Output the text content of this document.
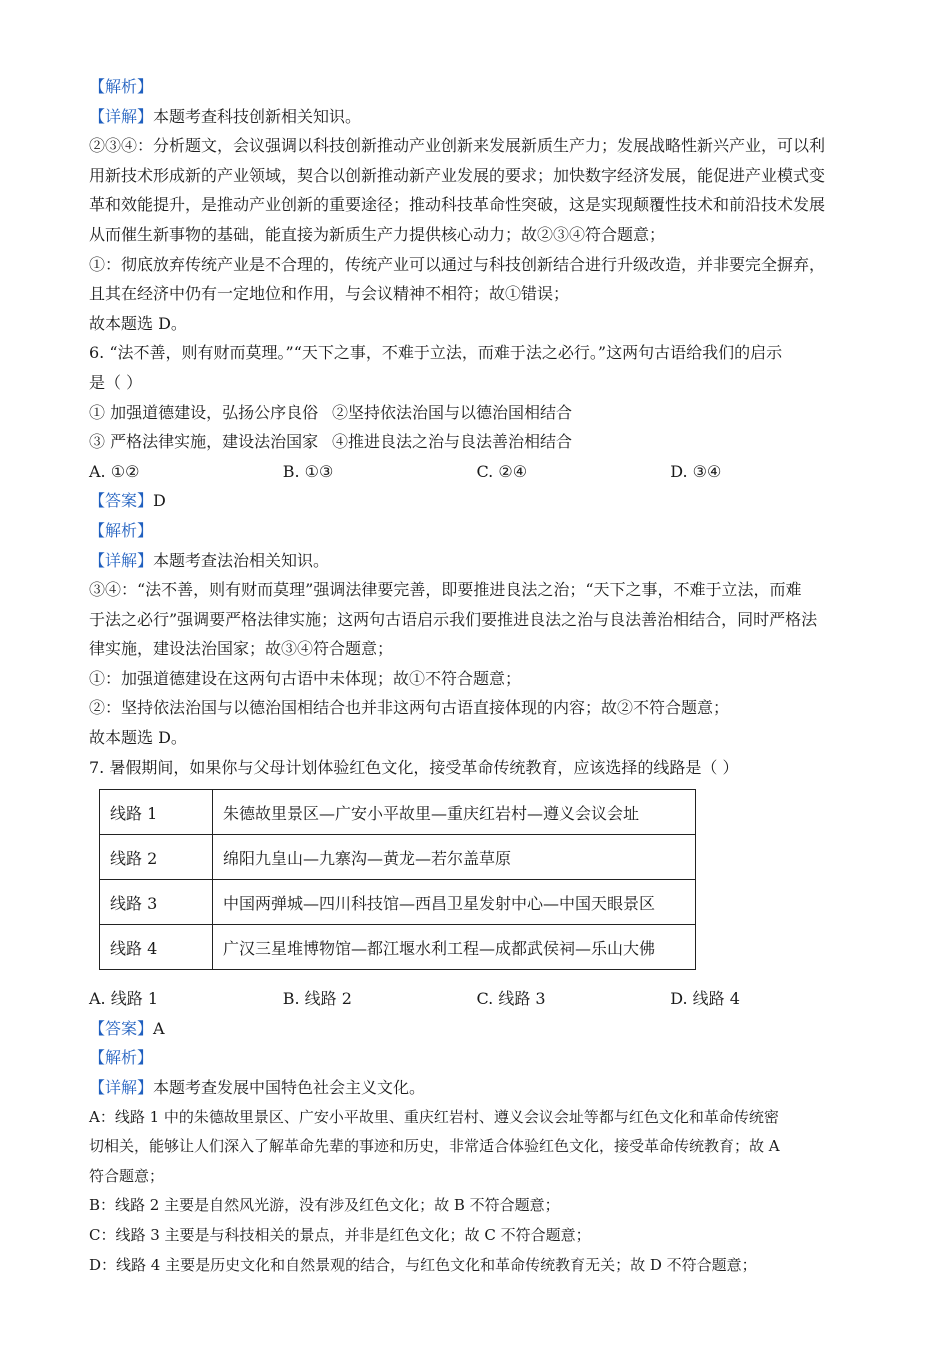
【解析】
【详解】本题考查科技创新相关知识。
②③④：分析题文，会议强调以科技创新推动产业创新来发展新质生产力；发展战略性新兴产业，可以利
用新技术形成新的产业领域，契合以创新推动新产业发展的要求；加快数字经济发展，能促进产业模式变
革和效能提升，是推动产业创新的重要途径；推动科技革命性突破，这是实现颠覆性技术和前沿技术发展
从而催生新事物的基础，能直接为新质生产力提供核心动力；故②③④符合题意；
①：彻底放弃传统产业是不合理的，传统产业可以通过与科技创新结合进行升级改造，并非要完全摒弃，
且其在经济中仍有一定地位和作用，与会议精神不相符；故①错误；
故本题选 D。
6. “法不善，则有财而莫理。”“天下之事，不难于立法，而难于法之必行。”这两句古语给我们的启示
是（ ）
① 加强道德建设，弘扬公序良俗 ②坚持依法治国与以德治国相结合
③ 严格法律实施，建设法治国家 ④推进良法之治与良法善治相结合
A. ①②	B. ①③	C. ②④	D. ③④
【答案】D
【解析】
【详解】本题考查法治相关知识。
③④：“法不善，则有财而莫理”强调法律要完善，即要推进良法之治；“天下之事，不难于立法，而难
于法之必行”强调要严格法律实施；这两句古语启示我们要推进良法之治与良法善治相结合，同时严格法
律实施，建设法治国家；故③④符合题意；
①：加强道德建设在这两句古语中未体现；故①不符合题意；
②：坚持依法治国与以德治国相结合也并非这两句古语直接体现的内容；故②不符合题意；
故本题选 D。
7. 暑假期间，如果你与父母计划体验红色文化，接受革命传统教育，应该选择的线路是（ ）
线路 1	朱德故里景区—广安小平故里—重庆红岩村—遵义会议会址
线路 2	绵阳九皇山—九寨沟—黄龙—若尔盖草原
线路 3	中国两弹城—四川科技馆—西昌卫星发射中心—中国天眼景区
线路 4	广汉三星堆博物馆—都江堰水利工程—成都武侯祠—乐山大佛
A. 线路 1	B. 线路 2	C. 线路 3	D. 线路 4
【答案】A
【解析】
【详解】本题考查发展中国特色社会主义文化。
A：线路 1 中的朱德故里景区、广安小平故里、重庆红岩村、遵义会议会址等都与红色文化和革命传统密
切相关，能够让人们深入了解革命先辈的事迹和历史，非常适合体验红色文化，接受革命传统教育；故 A
符合题意；
B：线路 2 主要是自然风光游，没有涉及红色文化；故 B 不符合题意；
C：线路 3 主要是与科技相关的景点，并非是红色文化；故 C 不符合题意；
D：线路 4 主要是历史文化和自然景观的结合，与红色文化和革命传统教育无关；故 D 不符合题意；
